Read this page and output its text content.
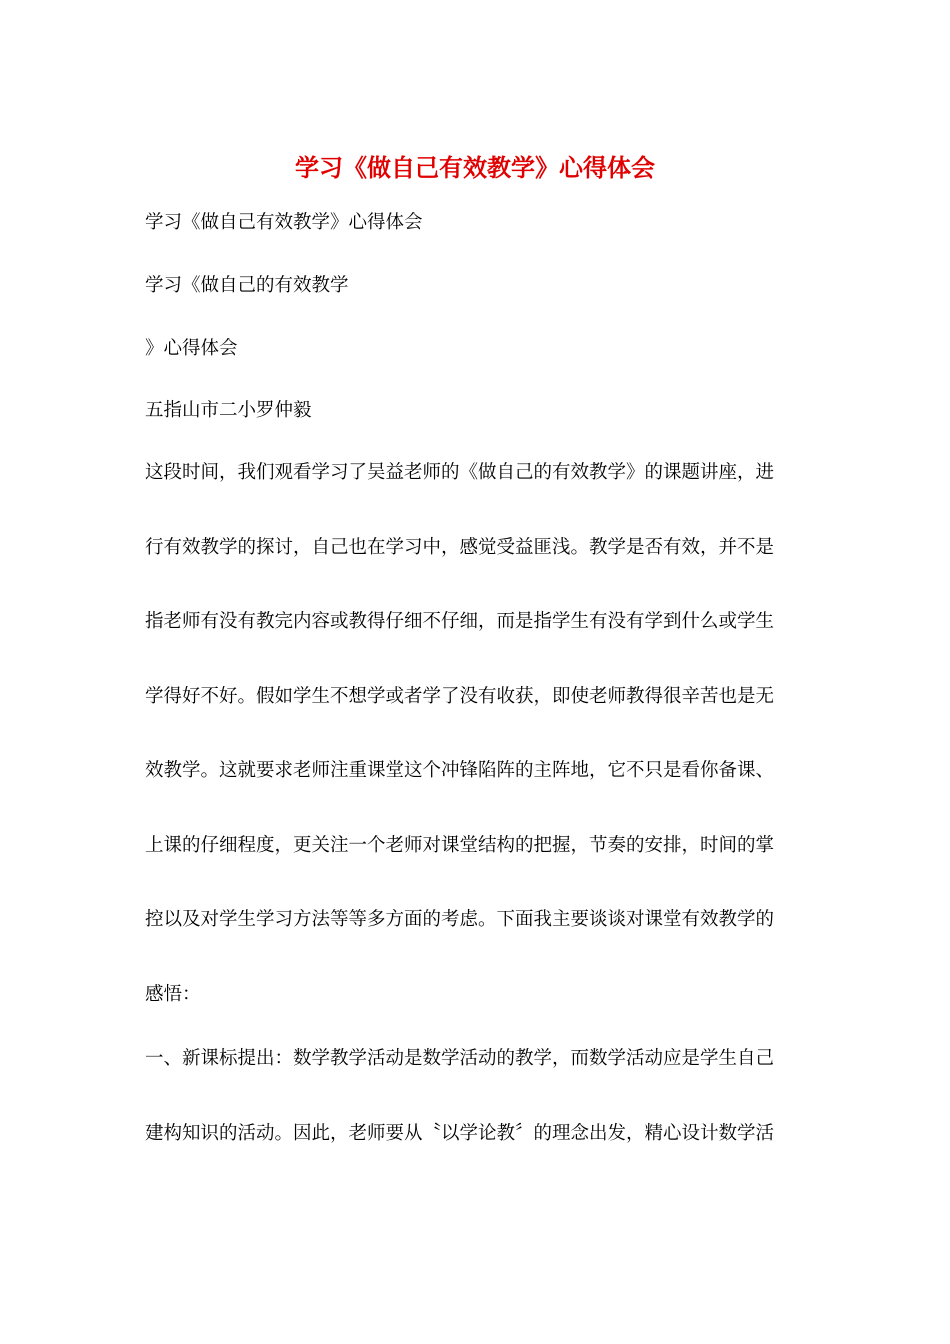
学习《做自己有效教学》心得体会
学习《做自己有效教学》心得体会
学习《做自己的有效教学
》心得体会
五指山市二小罗仲毅
这段时间，我们观看学习了吴益老师的《做自己的有效教学》的课题讲座，进
行有效教学的探讨，自己也在学习中，感觉受益匪浅。教学是否有效，并不是
指老师有没有教完内容或教得仔细不仔细，而是指学生有没有学到什么或学生
学得好不好。假如学生不想学或者学了没有收获，即使老师教得很辛苦也是无
效教学。这就要求老师注重课堂这个冲锋陷阵的主阵地，它不只是看你备课、
上课的仔细程度，更关注一个老师对课堂结构的把握，节奏的安排，时间的掌
控以及对学生学习方法等等多方面的考虑。下面我主要谈谈对课堂有效教学的
感悟：
一、新课标提出：数学教学活动是数学活动的教学，而数学活动应是学生自己
建构知识的活动。因此，老师要从〝以学论教〞的理念出发，精心设计数学活
